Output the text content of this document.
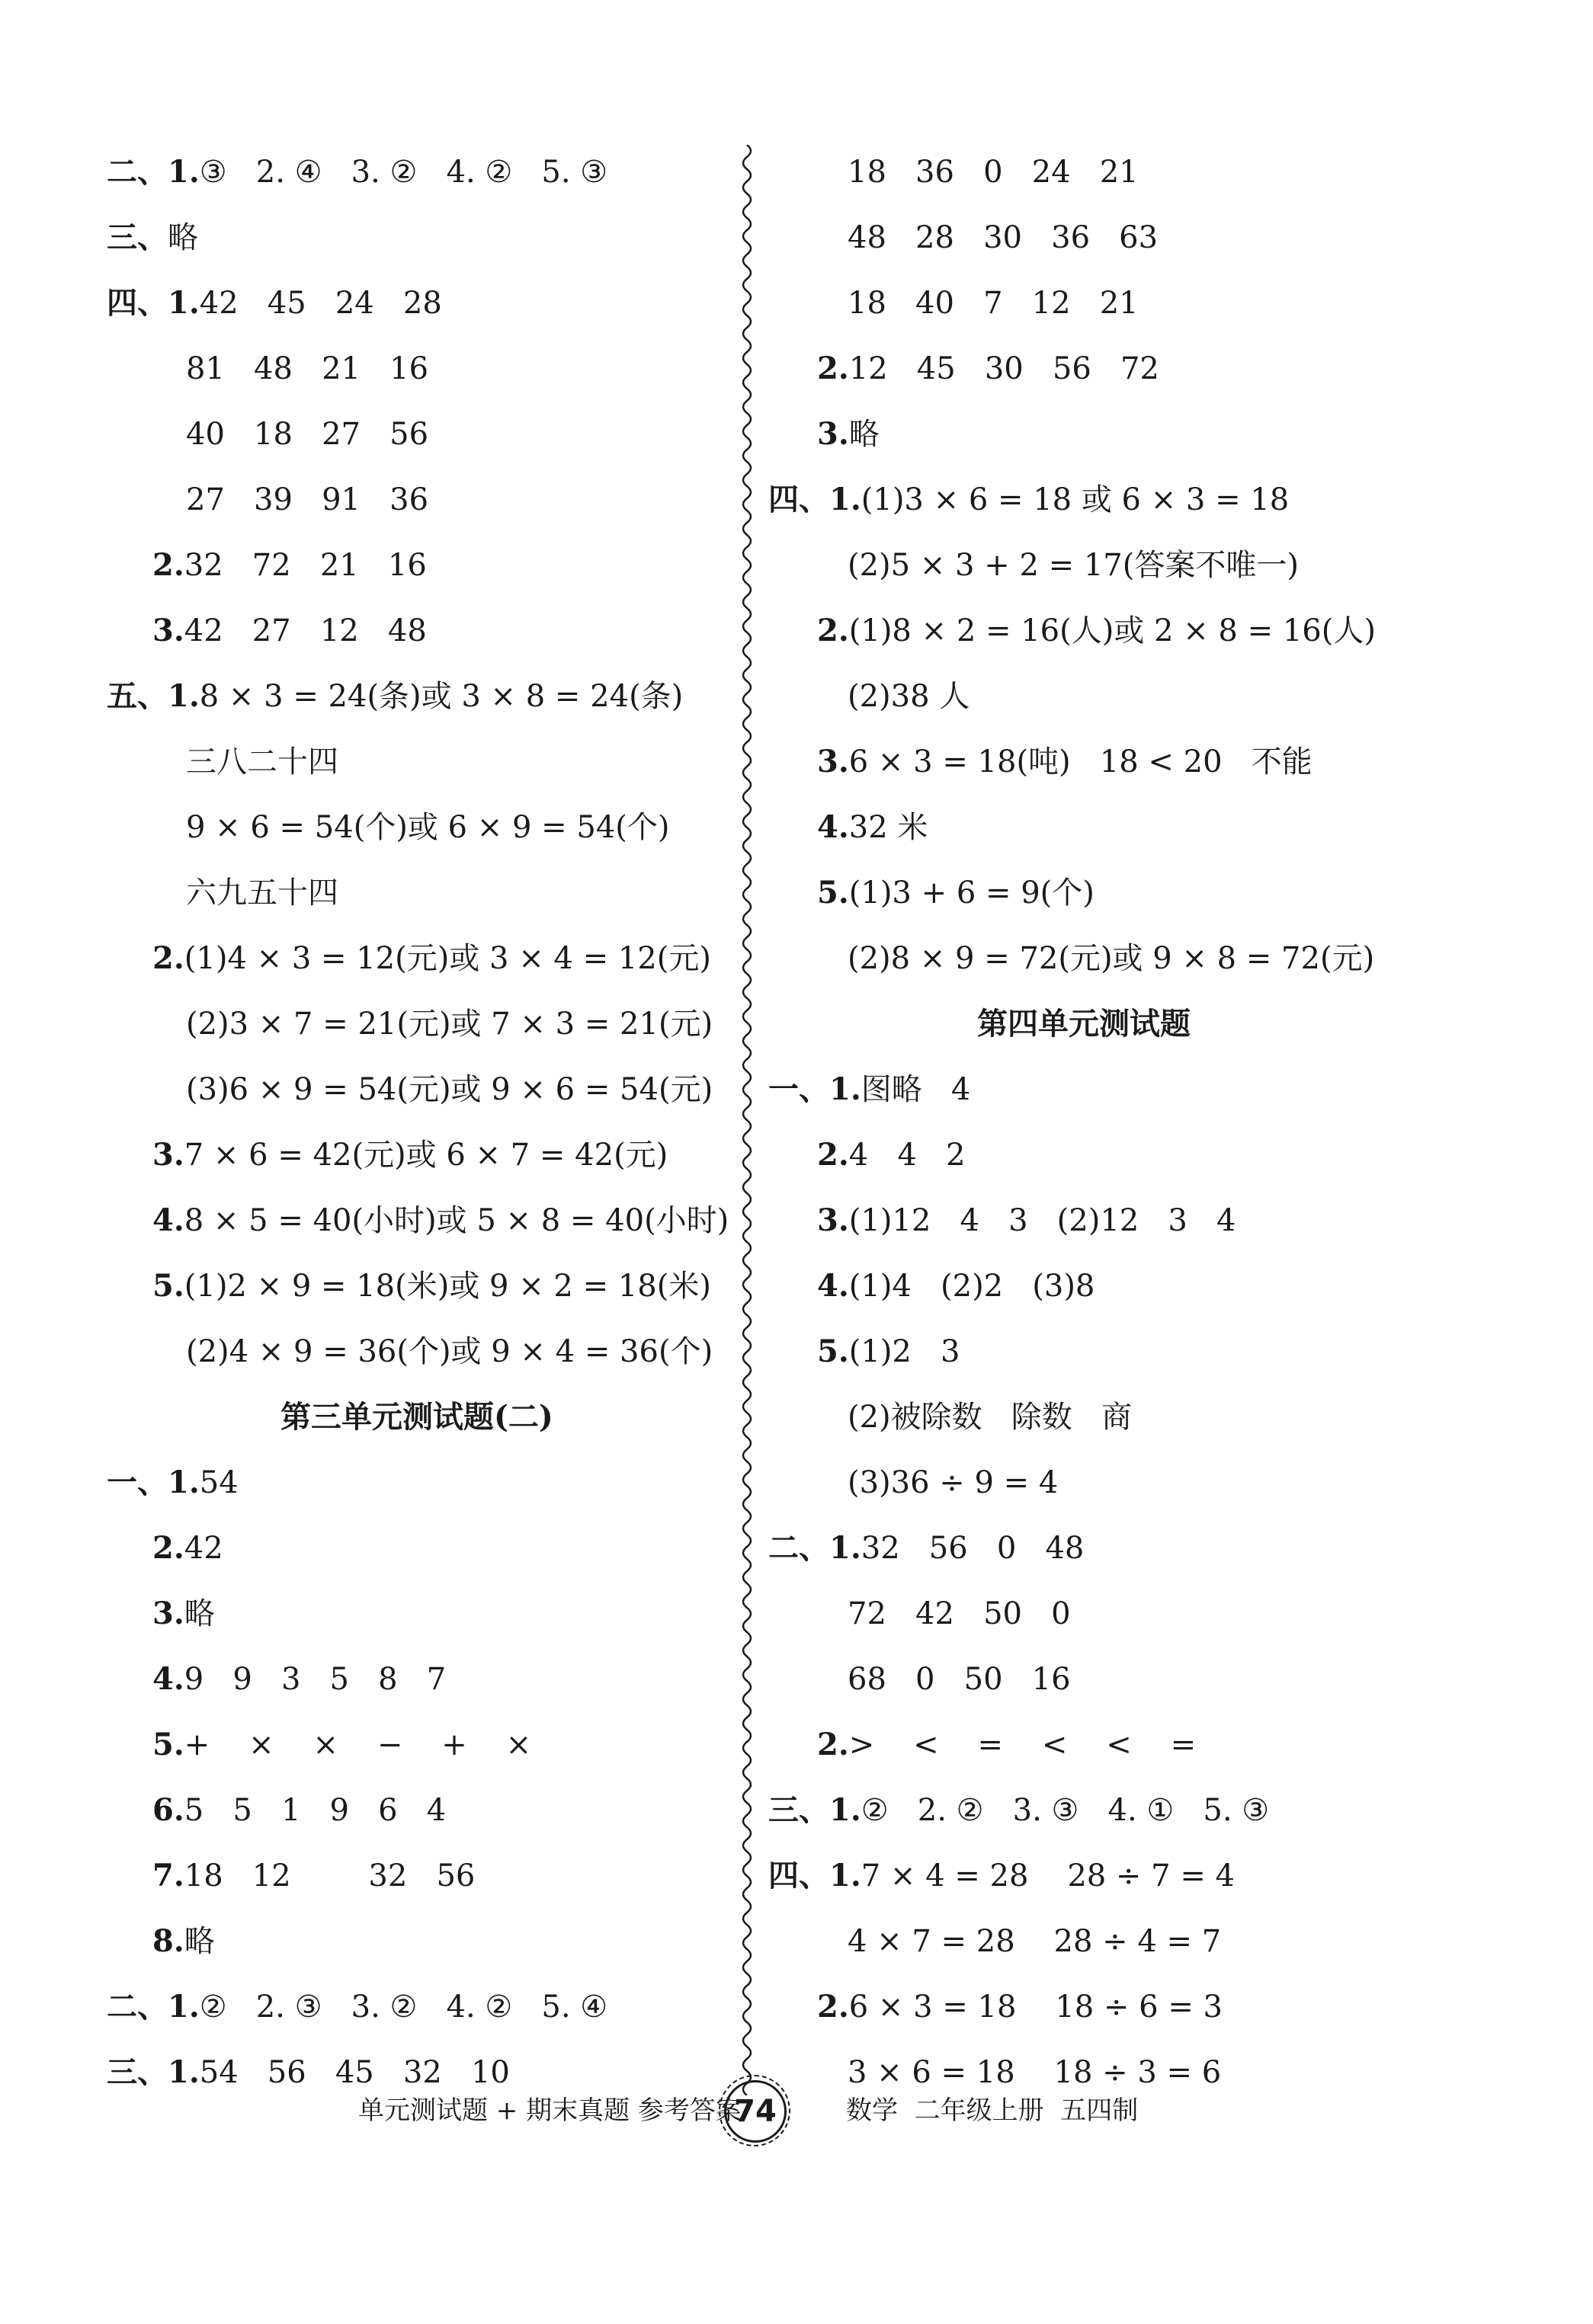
二、1.③   2. ④   3. ②   4. ②   5. ③
三、略
四、1.42   45   24   28
81   48   21   16
40   18   27   56
27   39   91   36
2.32   72   21   16
3.42   27   12   48
五、1.8 × 3 = 24(条)或 3 × 8 = 24(条)
三八二十四
9 × 6 = 54(个)或 6 × 9 = 54(个)
六九五十四
2.(1)4 × 3 = 12(元)或 3 × 4 = 12(元)
(2)3 × 7 = 21(元)或 7 × 3 = 21(元)
(3)6 × 9 = 54(元)或 9 × 6 = 54(元)
3.7 × 6 = 42(元)或 6 × 7 = 42(元)
4.8 × 5 = 40(小时)或 5 × 8 = 40(小时)
5.(1)2 × 9 = 18(米)或 9 × 2 = 18(米)
(2)4 × 9 = 36(个)或 9 × 4 = 36(个)
第三单元测试题(二)
一、1.54
2.42
3.略
4.9   9   3   5   8   7
5.+    ×    ×    −    +    ×
6.5   5   1   9   6   4
7.18   12        32   56
8.略
二、1.②   2. ③   3. ②   4. ②   5. ④
三、1.54   56   45   32   10
18   36   0   24   21
48   28   30   36   63
18   40   7   12   21
2.12   45   30   56   72
3.略
四、1.(1)3 × 6 = 18 或 6 × 3 = 18
(2)5 × 3 + 2 = 17(答案不唯一)
2.(1)8 × 2 = 16(人)或 2 × 8 = 16(人)
(2)38 人
3.6 × 3 = 18(吨)   18 < 20   不能
4.32 米
5.(1)3 + 6 = 9(个)
(2)8 × 9 = 72(元)或 9 × 8 = 72(元)
第四单元测试题
一、1.图略   4
2.4   4   2
3.(1)12   4   3   (2)12   3   4
4.(1)4   (2)2   (3)8
5.(1)2   3
(2)被除数   除数   商
(3)36 ÷ 9 = 4
二、1.32   56   0   48
72   42   50   0
68   0   50   16
2.>    <    =    <    <    =
三、1.②   2. ②   3. ③   4. ①   5. ③
四、1.7 × 4 = 28    28 ÷ 7 = 4
4 × 7 = 28    28 ÷ 4 = 7
2.6 × 3 = 18    18 ÷ 6 = 3
3 × 6 = 18    18 ÷ 3 = 6

单元测试题 + 期末真题 参考答案

74

	数学  二年级上册  五四制
